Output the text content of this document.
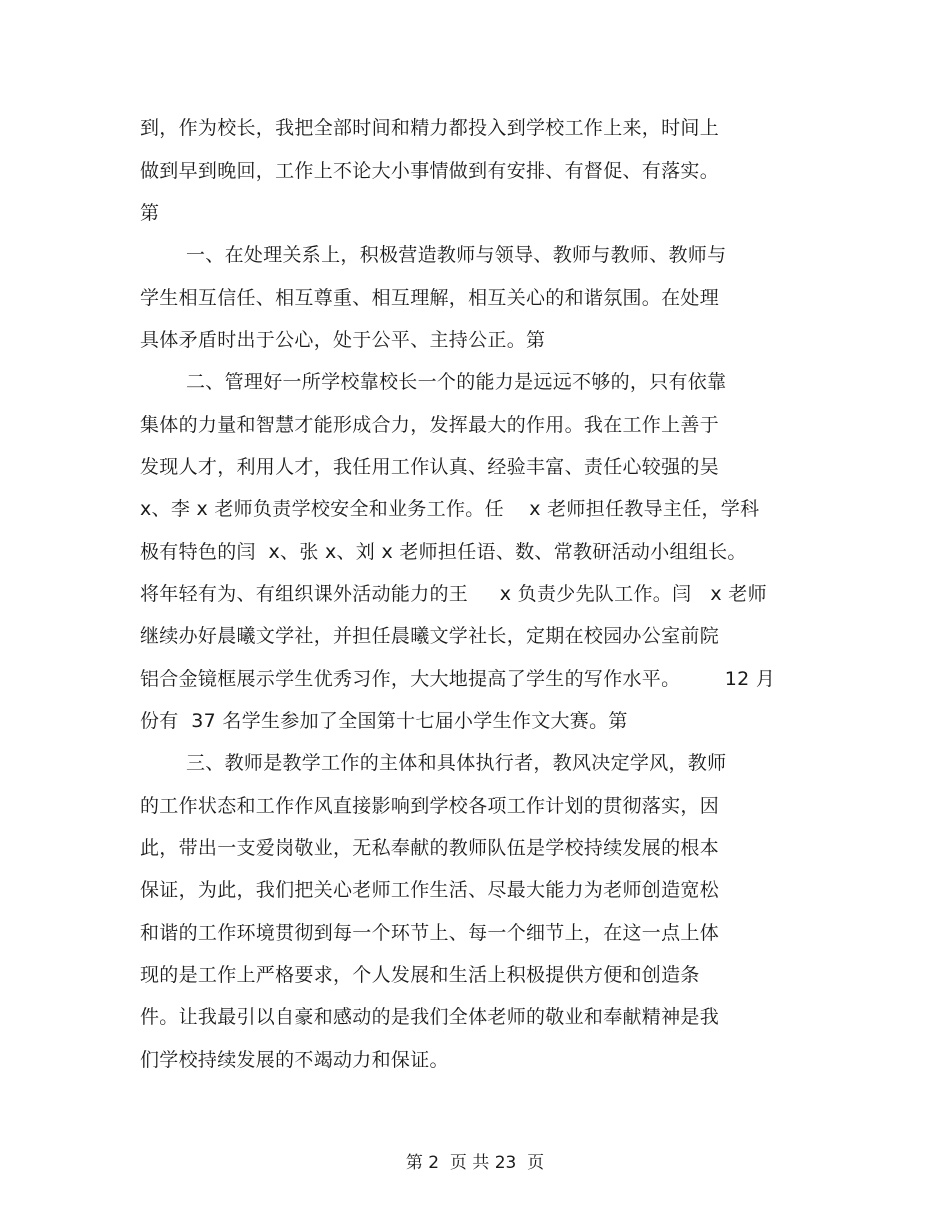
到，作为校长，我把全部时间和精力都投入到学校工作上来，时间上
做到早到晚回，工作上不论大小事情做到有安排、有督促、有落实。
第
一、在处理关系上，积极营造教师与领导、教师与教师、教师与
学生相互信任、相互尊重、相互理解，相互关心的和谐氛围。在处理
具体矛盾时出于公心，处于公平、主持公正。第
二、管理好一所学校靠校长一个的能力是远远不够的，只有依靠
集体的力量和智慧才能形成合力，发挥最大的作用。我在工作上善于
发现人才，利用人才，我任用工作认真、经验丰富、责任心较强的吴
x、李 x 老师负责学校安全和业务工作。任    x 老师担任教导主任，学科
极有特色的闫  x、张 x、刘 x 老师担任语、数、常教研活动小组组长。
将年轻有为、有组织课外活动能力的王     x 负责少先队工作。闫   x 老师
继续办好晨曦文学社，并担任晨曦文学社长，定期在校园办公室前院
铝合金镜框展示学生优秀习作，大大地提高了学生的写作水平。       12 月
份有  37 名学生参加了全国第十七届小学生作文大赛。第
三、教师是教学工作的主体和具体执行者，教风决定学风，教师
的工作状态和工作作风直接影响到学校各项工作计划的贯彻落实，因
此，带出一支爱岗敬业，无私奉献的教师队伍是学校持续发展的根本
保证，为此，我们把关心老师工作生活、尽最大能力为老师创造宽松
和谐的工作环境贯彻到每一个环节上、每一个细节上，在这一点上体
现的是工作上严格要求，个人发展和生活上积极提供方便和创造条
件。让我最引以自豪和感动的是我们全体老师的敬业和奉献精神是我
们学校持续发展的不竭动力和保证。
第 2  页 共 23  页
